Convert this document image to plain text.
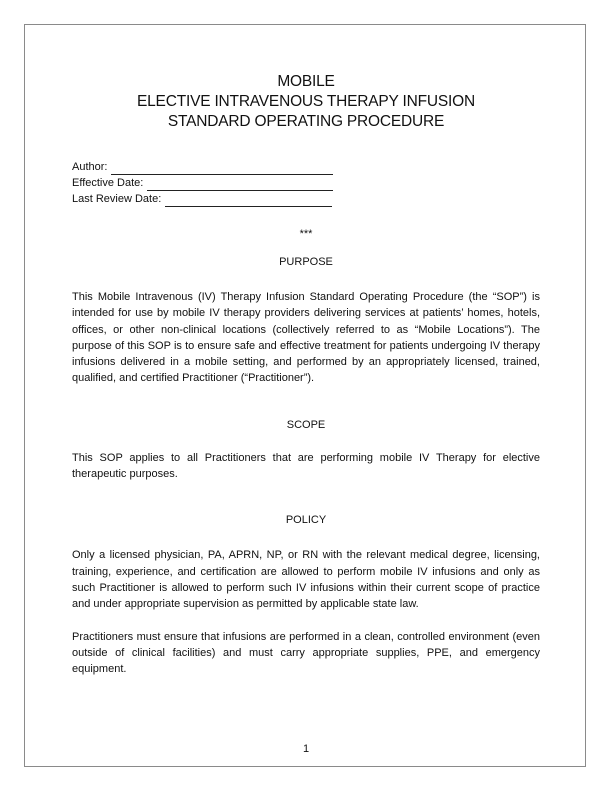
MOBILE
ELECTIVE INTRAVENOUS THERAPY INFUSION
STANDARD OPERATING PROCEDURE
Author:
Effective Date:
Last Review Date:
***
PURPOSE

This Mobile Intravenous (IV) Therapy Infusion Standard Operating Procedure (the “SOP”) is intended for use by mobile IV therapy providers delivering services at patients’ homes, hotels, offices, or other non-clinical locations (collectively referred to as “Mobile Locations”). The purpose of this SOP is to ensure safe and effective treatment for patients undergoing IV therapy infusions delivered in a mobile setting, and performed by an appropriately licensed, trained, qualified, and certified Practitioner (“Practitioner”).

SCOPE

This SOP applies to all Practitioners that are performing mobile IV Therapy for elective therapeutic purposes.

POLICY

Only a licensed physician, PA, APRN, NP, or RN with the relevant medical degree, licensing, training, experience, and certification are allowed to perform mobile IV infusions and only as such Practitioner is allowed to perform such IV infusions within their current scope of practice and under appropriate supervision as permitted by applicable state law.

Practitioners must ensure that infusions are performed in a clean, controlled environment (even outside of clinical facilities) and must carry appropriate supplies, PPE, and emergency equipment.

1
